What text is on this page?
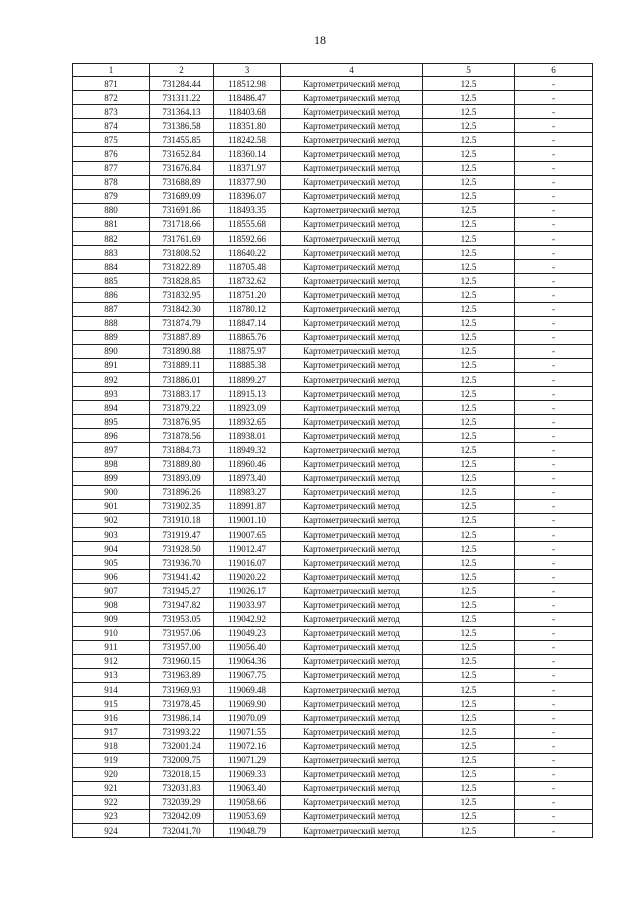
18
1	2	3	4	5	6
871	731284.44	118512.98	Картометрический метод	12.5	-
872	731311.22	118486.47	Картометрический метод	12.5	-
873	731364.13	118403.68	Картометрический метод	12.5	-
874	731386.58	118351.80	Картометрический метод	12.5	-
875	731455.85	118242.58	Картометрический метод	12.5	-
876	731652.84	118360.14	Картометрический метод	12.5	-
877	731676.84	118371.97	Картометрический метод	12.5	-
878	731688.89	118377.90	Картометрический метод	12.5	-
879	731689.09	118396.07	Картометрический метод	12.5	-
880	731691.86	118493.35	Картометрический метод	12.5	-
881	731718.66	118555.68	Картометрический метод	12.5	-
882	731761.69	118592.66	Картометрический метод	12.5	-
883	731808.52	118640.22	Картометрический метод	12.5	-
884	731822.89	118705.48	Картометрический метод	12.5	-
885	731828.85	118732.62	Картометрический метод	12.5	-
886	731832.95	118751.20	Картометрический метод	12.5	-
887	731842.30	118780.12	Картометрический метод	12.5	-
888	731874.79	118847.14	Картометрический метод	12.5	-
889	731887.89	118865.76	Картометрический метод	12.5	-
890	731890.88	118875.97	Картометрический метод	12.5	-
891	731889.11	118885.38	Картометрический метод	12.5	-
892	731886.01	118899.27	Картометрический метод	12.5	-
893	731883.17	118915.13	Картометрический метод	12.5	-
894	731879.22	118923.09	Картометрический метод	12.5	-
895	731876.95	118932.65	Картометрический метод	12.5	-
896	731878.56	118938.01	Картометрический метод	12.5	-
897	731884.73	118949.32	Картометрический метод	12.5	-
898	731889.80	118960.46	Картометрический метод	12.5	-
899	731893.09	118973.40	Картометрический метод	12.5	-
900	731896.26	118983.27	Картометрический метод	12.5	-
901	731902.35	118991.87	Картометрический метод	12.5	-
902	731910.18	119001.10	Картометрический метод	12.5	-
903	731919.47	119007.65	Картометрический метод	12.5	-
904	731928.50	119012.47	Картометрический метод	12.5	-
905	731936.70	119016.07	Картометрический метод	12.5	-
906	731941.42	119020.22	Картометрический метод	12.5	-
907	731945.27	119026.17	Картометрический метод	12.5	-
908	731947.82	119033.97	Картометрический метод	12.5	-
909	731953.05	119042.92	Картометрический метод	12.5	-
910	731957.06	119049.23	Картометрический метод	12.5	-
911	731957.00	119056.40	Картометрический метод	12.5	-
912	731960.15	119064.36	Картометрический метод	12.5	-
913	731963.89	119067.75	Картометрический метод	12.5	-
914	731969.93	119069.48	Картометрический метод	12.5	-
915	731978.45	119069.90	Картометрический метод	12.5	-
916	731986.14	119070.09	Картометрический метод	12.5	-
917	731993.22	119071.55	Картометрический метод	12.5	-
918	732001.24	119072.16	Картометрический метод	12.5	-
919	732009.75	119071.29	Картометрический метод	12.5	-
920	732018.15	119069.33	Картометрический метод	12.5	-
921	732031.83	119063.40	Картометрический метод	12.5	-
922	732039.29	119058.66	Картометрический метод	12.5	-
923	732042.09	119053.69	Картометрический метод	12.5	-
924	732041.70	119048.79	Картометрический метод	12.5	-
